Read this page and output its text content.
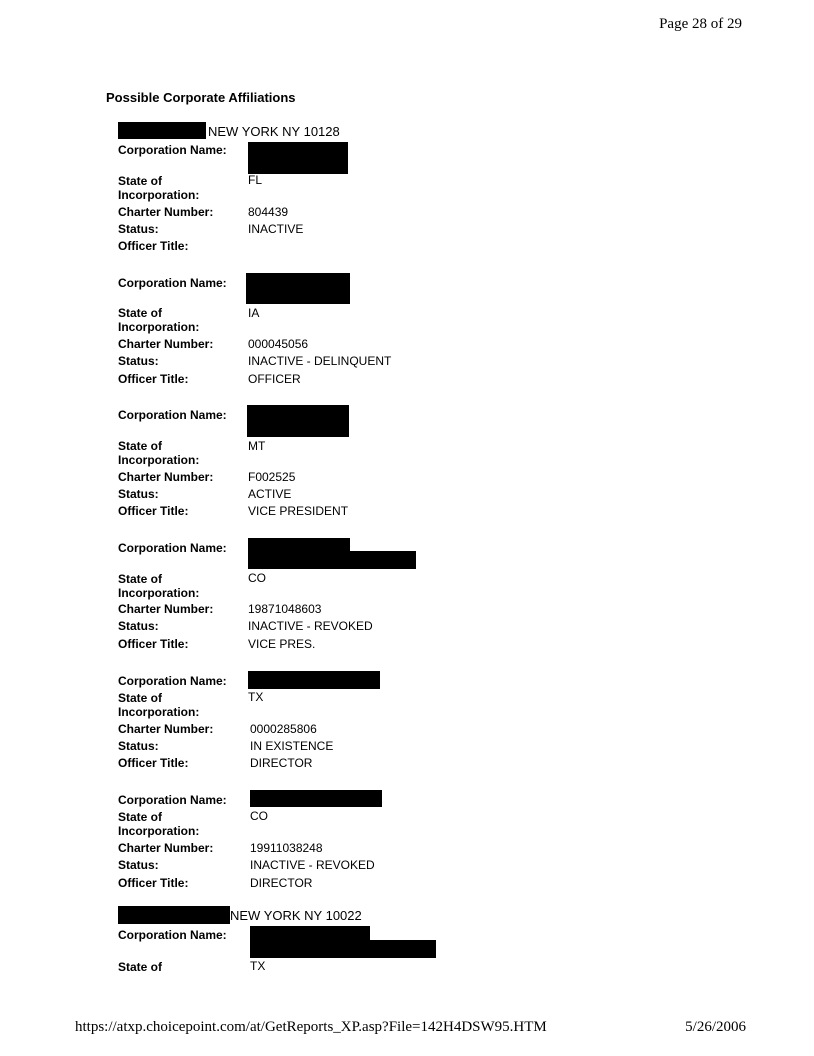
Page 28 of 29
Possible Corporate Affiliations
NEW YORK NY 10128
Corporation Name:
State of
Incorporation:
FL
Charter Number:	804439
Status:	INACTIVE
Officer Title:
Corporation Name:
State of
Incorporation:
IA
Charter Number:	000045056
Status:	INACTIVE - DELINQUENT
Officer Title:	OFFICER
Corporation Name:
State of
Incorporation:
MT
Charter Number:	F002525
Status:	ACTIVE
Officer Title:	VICE PRESIDENT
Corporation Name:
State of
Incorporation:
CO
Charter Number:	19871048603
Status:	INACTIVE - REVOKED
Officer Title:	VICE PRES.
Corporation Name:
State of
Incorporation:
TX
Charter Number:	0000285806
Status:	IN EXISTENCE
Officer Title:	DIRECTOR
Corporation Name:
State of
Incorporation:
CO
Charter Number:	19911038248
Status:	INACTIVE - REVOKED
Officer Title:	DIRECTOR
NEW YORK NY 10022
Corporation Name:
State of	TX
https://atxp.choicepoint.com/at/GetReports_XP.asp?File=142H4DSW95.HTM	5/26/2006
